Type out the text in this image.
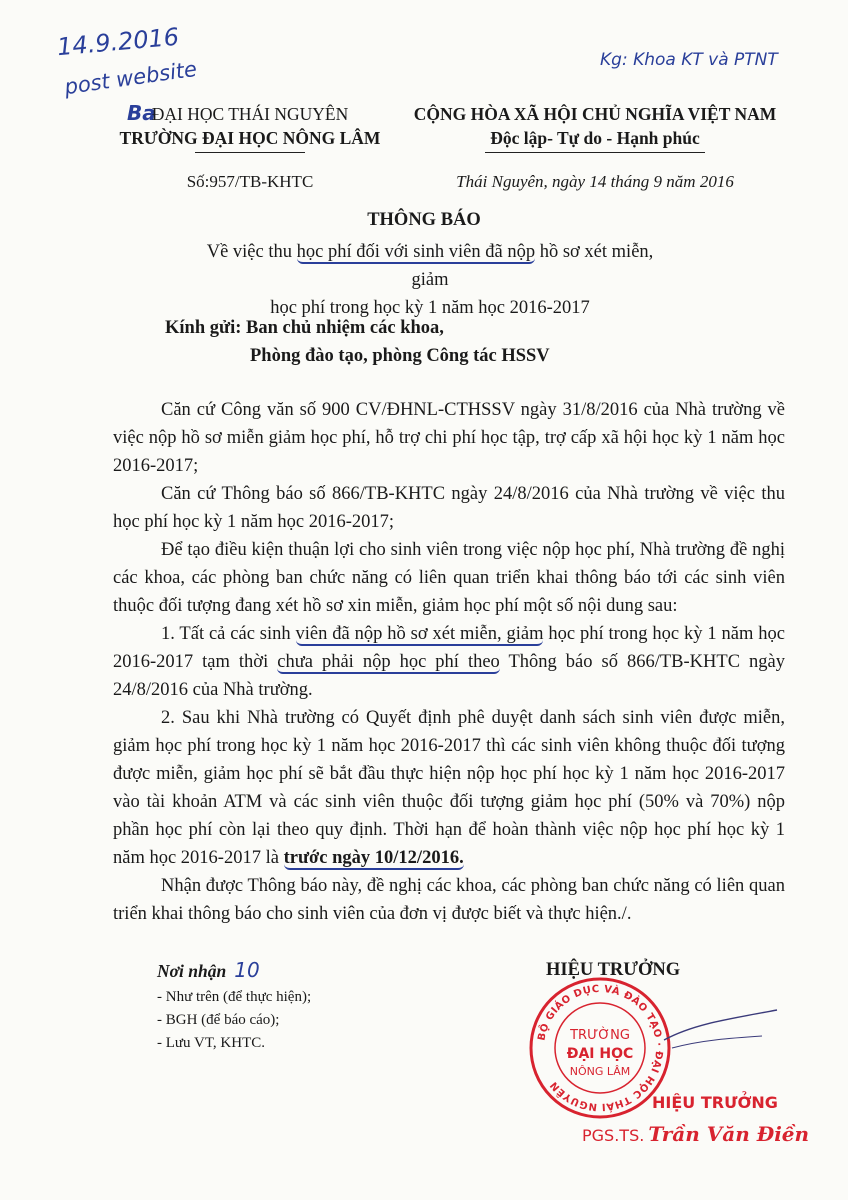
14.9.2016
post website	Kg: Khoa KT và PTNT
Ba
ĐẠI HỌC THÁI NGUYÊN
TRƯỜNG ĐẠI HỌC NÔNG LÂM
Số:957/TB-KHTC
CỘNG HÒA XÃ HỘI CHỦ NGHĨA VIỆT NAM
Độc lập- Tự do - Hạnh phúc
Thái Nguyên, ngày 14 tháng 9 năm 2016
THÔNG BÁO
Về việc thu học phí đối với sinh viên đã nộp hồ sơ xét miễn, giảm
học phí trong học kỳ 1 năm học 2016-2017
Kính gửi: Ban chủ nhiệm các khoa,
Phòng đào tạo, phòng Công tác HSSV
Căn cứ Công văn số 900 CV/ĐHNL-CTHSSV ngày 31/8/2016 của Nhà trường về việc nộp hồ sơ miễn giảm học phí, hỗ trợ chi phí học tập, trợ cấp xã hội học kỳ 1 năm học 2016-2017;
Căn cứ Thông báo số 866/TB-KHTC ngày 24/8/2016 của Nhà trường về việc thu học phí học kỳ 1 năm học 2016-2017;
Để tạo điều kiện thuận lợi cho sinh viên trong việc nộp học phí, Nhà trường đề nghị các khoa, các phòng ban chức năng có liên quan triển khai thông báo tới các sinh viên thuộc đối tượng đang xét hồ sơ xin miễn, giảm học phí một số nội dung sau:
1. Tất cả các sinh viên đã nộp hồ sơ xét miễn, giảm học phí trong học kỳ 1 năm học 2016-2017 tạm thời chưa phải nộp học phí theo Thông báo số 866/TB-KHTC ngày 24/8/2016 của Nhà trường.
2. Sau khi Nhà trường có Quyết định phê duyệt danh sách sinh viên được miễn, giảm học phí trong học kỳ 1 năm học 2016-2017 thì các sinh viên không thuộc đối tượng được miễn, giảm học phí sẽ bắt đầu thực hiện nộp học phí học kỳ 1 năm học 2016-2017 vào tài khoản ATM và các sinh viên thuộc đối tượng giảm học phí (50% và 70%) nộp phần học phí còn lại theo quy định. Thời hạn để hoàn thành việc nộp học phí học kỳ 1 năm học 2016-2017 là trước ngày 10/12/2016.
Nhận được Thông báo này, đề nghị các khoa, các phòng ban chức năng có liên quan triển khai thông báo cho sinh viên của đơn vị được biết và thực hiện./.
Nơi nhận 10
- Như trên (để thực hiện);
- BGH (để báo cáo);
- Lưu VT, KHTC.
HIỆU TRƯỞNG
BỘ GIÁO DỤC VÀ ĐÀO TẠO · ĐẠI HỌC THÁI NGUYÊN
TRƯỜNG
ĐẠI HỌC
NÔNG LÂM
HIỆU TRƯỞNG
PGS.TS. Trần Văn Điền
